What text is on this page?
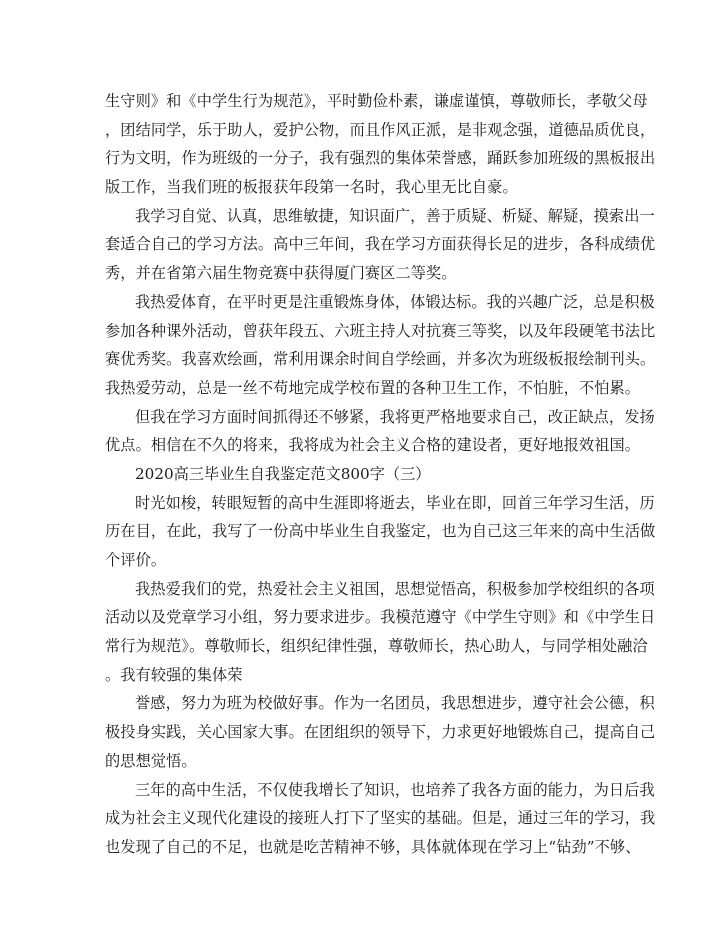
生守则》和《中学生行为规范》，平时勤俭朴素，谦虚谨慎，尊敬师长，孝敬父母
，团结同学，乐于助人，爱护公物，而且作风正派，是非观念强，道德品质优良，
行为文明，作为班级的一分子，我有强烈的集体荣誉感，踊跃参加班级的黑板报出
版工作，当我们班的板报获年段第一名时，我心里无比自豪。
我学习自觉、认真，思维敏捷，知识面广，善于质疑、析疑、解疑，摸索出一
套适合自己的学习方法。高中三年间，我在学习方面获得长足的进步，各科成绩优
秀，并在省第六届生物竞赛中获得厦门赛区二等奖。
我热爱体育，在平时更是注重锻炼身体，体锻达标。我的兴趣广泛，总是积极
参加各种课外活动，曾获年段五、六班主持人对抗赛三等奖，以及年段硬笔书法比
赛优秀奖。我喜欢绘画，常利用课余时间自学绘画，并多次为班级板报绘制刊头。
我热爱劳动，总是一丝不苟地完成学校布置的各种卫生工作，不怕脏，不怕累。
但我在学习方面时间抓得还不够紧，我将更严格地要求自己，改正缺点，发扬
优点。相信在不久的将来，我将成为社会主义合格的建设者，更好地报效祖国。
2020高三毕业生自我鉴定范文800字（三）
时光如梭，转眼短暂的高中生涯即将逝去，毕业在即，回首三年学习生活，历
历在目，在此，我写了一份高中毕业生自我鉴定，也为自己这三年来的高中生活做
个评价。
我热爱我们的党，热爱社会主义祖国，思想觉悟高，积极参加学校组织的各项
活动以及党章学习小组，努力要求进步。我模范遵守《中学生守则》和《中学生日
常行为规范》。尊敬师长，组织纪律性强，尊敬师长，热心助人，与同学相处融洽
。我有较强的集体荣
誉感，努力为班为校做好事。作为一名团员，我思想进步，遵守社会公德，积
极投身实践，关心国家大事。在团组织的领导下，力求更好地锻炼自己，提高自己
的思想觉悟。
三年的高中生活，不仅使我增长了知识，也培养了我各方面的能力，为日后我
成为社会主义现代化建设的接班人打下了坚实的基础。但是，通过三年的学习，我
也发现了自己的不足，也就是吃苦精神不够，具体就体现在学习上“钻劲”不够、
